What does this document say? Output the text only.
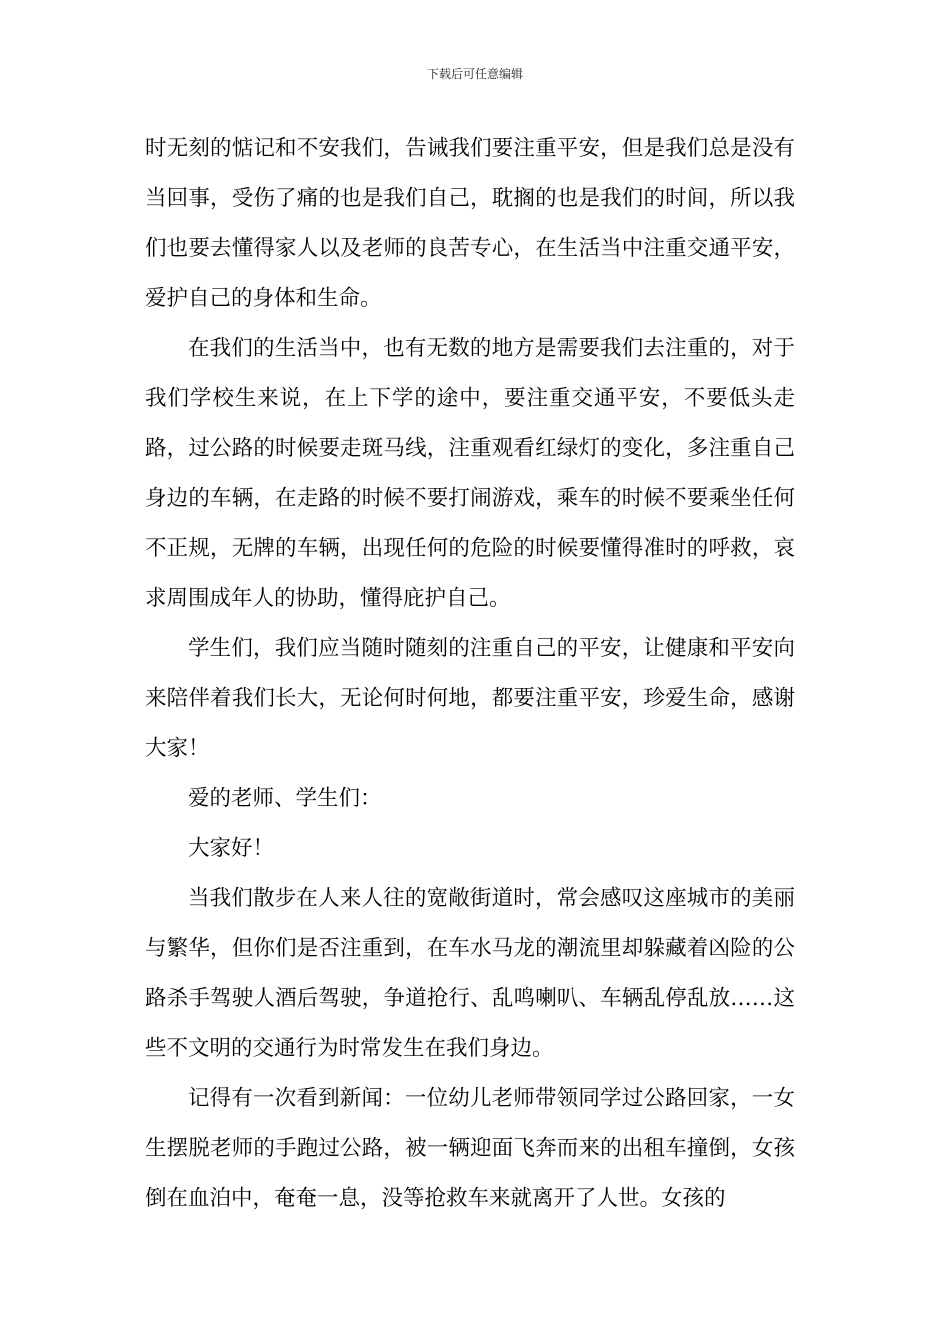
下载后可任意编辑

时无刻的惦记和不安我们，告诫我们要注重平安，但是我们总是没有当回事，受伤了痛的也是我们自己，耽搁的也是我们的时间，所以我们也要去懂得家人以及老师的良苦专心，在生活当中注重交通平安，爱护自己的身体和生命。

在我们的生活当中，也有无数的地方是需要我们去注重的，对于我们学校生来说，在上下学的途中，要注重交通平安，不要低头走路，过公路的时候要走斑马线，注重观看红绿灯的变化，多注重自己身边的车辆，在走路的时候不要打闹游戏，乘车的时候不要乘坐任何不正规，无牌的车辆，出现任何的危险的时候要懂得准时的呼救，哀求周围成年人的协助，懂得庇护自己。

学生们，我们应当随时随刻的注重自己的平安，让健康和平安向来陪伴着我们长大，无论何时何地，都要注重平安，珍爱生命，感谢大家！

爱的老师、学生们：

大家好！

当我们散步在人来人往的宽敞街道时，常会感叹这座城市的美丽与繁华，但你们是否注重到，在车水马龙的潮流里却躲藏着凶险的公路杀手驾驶人酒后驾驶，争道抢行、乱鸣喇叭、车辆乱停乱放……这些不文明的交通行为时常发生在我们身边。

记得有一次看到新闻：一位幼儿老师带领同学过公路回家，一女生摆脱老师的手跑过公路，被一辆迎面飞奔而来的出租车撞倒，女孩倒在血泊中，奄奄一息，没等抢救车来就离开了人世。女孩的
